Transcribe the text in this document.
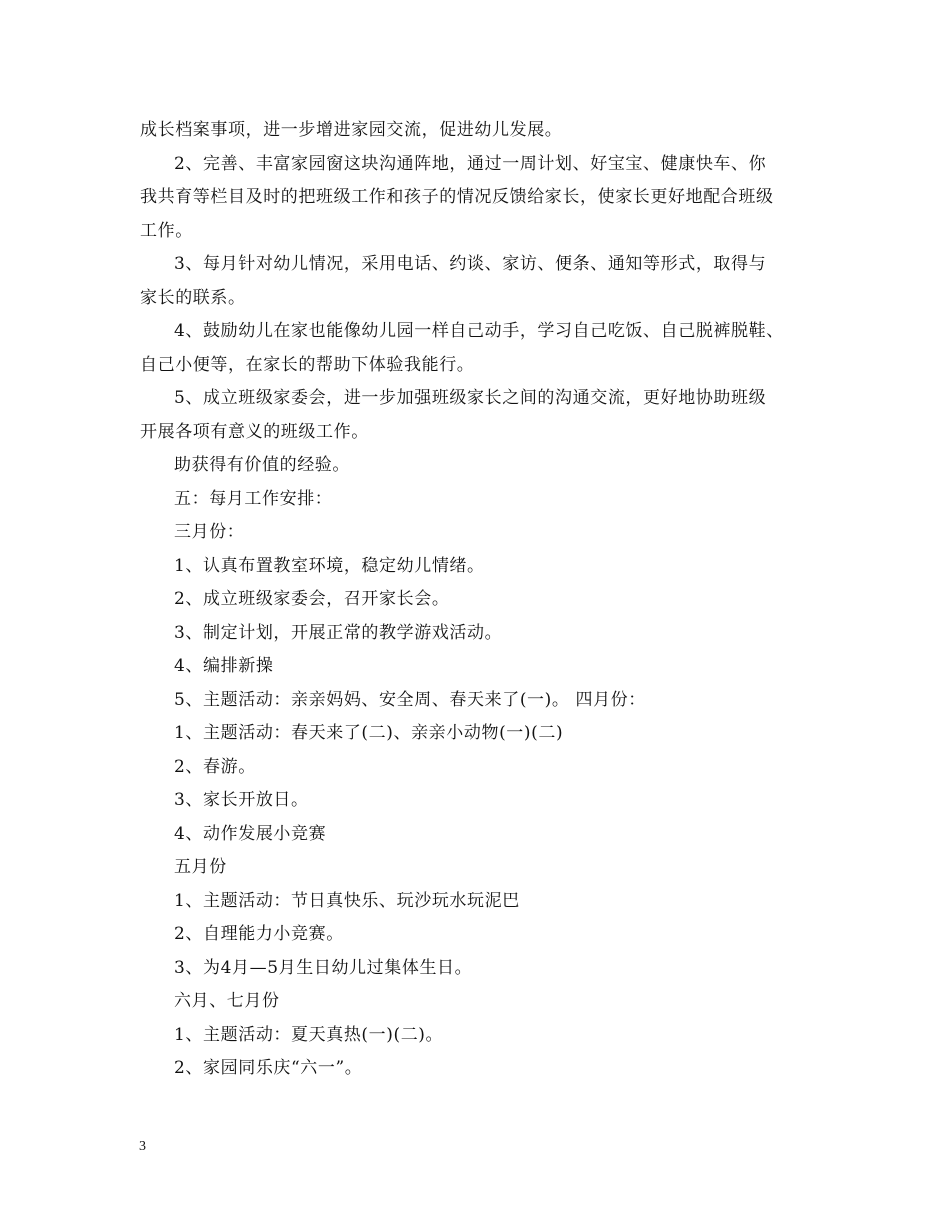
成长档案事项，进一步增进家园交流，促进幼儿发展。
2、完善、丰富家园窗这块沟通阵地，通过一周计划、好宝宝、健康快车、你
我共育等栏目及时的把班级工作和孩子的情况反馈给家长，使家长更好地配合班级
工作。
3、每月针对幼儿情况，采用电话、约谈、家访、便条、通知等形式，取得与
家长的联系。
4、鼓励幼儿在家也能像幼儿园一样自己动手，学习自己吃饭、自己脱裤脱鞋、
自己小便等，在家长的帮助下体验我能行。
5、成立班级家委会，进一步加强班级家长之间的沟通交流，更好地协助班级
开展各项有意义的班级工作。
助获得有价值的经验。
五：每月工作安排：
三月份：
1、认真布置教室环境，稳定幼儿情绪。
2、成立班级家委会，召开家长会。
3、制定计划，开展正常的教学游戏活动。
4、编排新操
5、主题活动：亲亲妈妈、安全周、春天来了(一)。 四月份：
1、主题活动：春天来了(二)、亲亲小动物(一)(二)
2、春游。
3、家长开放日。
4、动作发展小竞赛
五月份
1、主题活动：节日真快乐、玩沙玩水玩泥巴
2、自理能力小竞赛。
3、为4月—5月生日幼儿过集体生日。
六月、七月份
1、主题活动：夏天真热(一)(二)。
2、家园同乐庆“六一”。
3
